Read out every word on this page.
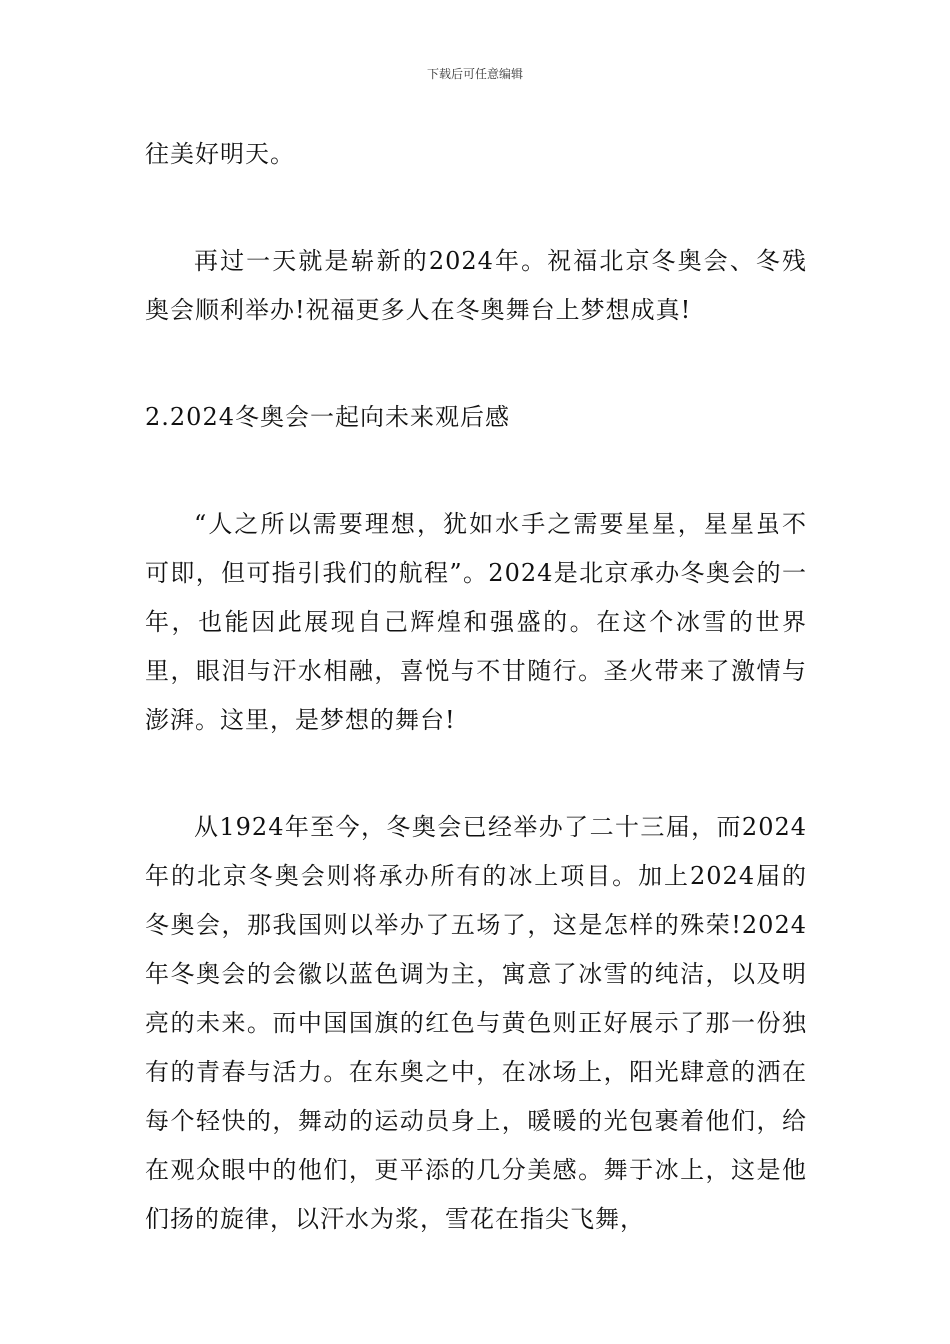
下载后可任意编辑

往美好明天。

再过一天就是崭新的2024年。祝福北京冬奥会、冬残奥会顺利举办!祝福更多人在冬奥舞台上梦想成真!

2.2024冬奥会一起向未来观后感

“人之所以需要理想，犹如水手之需要星星，星星虽不可即，但可指引我们的航程”。2024是北京承办冬奥会的一年，也能因此展现自己辉煌和强盛的。在这个冰雪的世界里，眼泪与汗水相融，喜悦与不甘随行。圣火带来了激情与澎湃。这里，是梦想的舞台!

从1924年至今，冬奥会已经举办了二十三届，而2024年的北京冬奥会则将承办所有的冰上项目。加上2024届的冬奥会，那我国则以举办了五场了，这是怎样的殊荣!2024年冬奥会的会徽以蓝色调为主，寓意了冰雪的纯洁，以及明亮的未来。而中国国旗的红色与黄色则正好展示了那一份独有的青春与活力。在东奥之中，在冰场上，阳光肆意的洒在每个轻快的，舞动的运动员身上，暖暖的光包裹着他们，给在观众眼中的他们，更平添的几分美感。舞于冰上，这是他们扬的旋律，以汗水为浆，雪花在指尖飞舞，
